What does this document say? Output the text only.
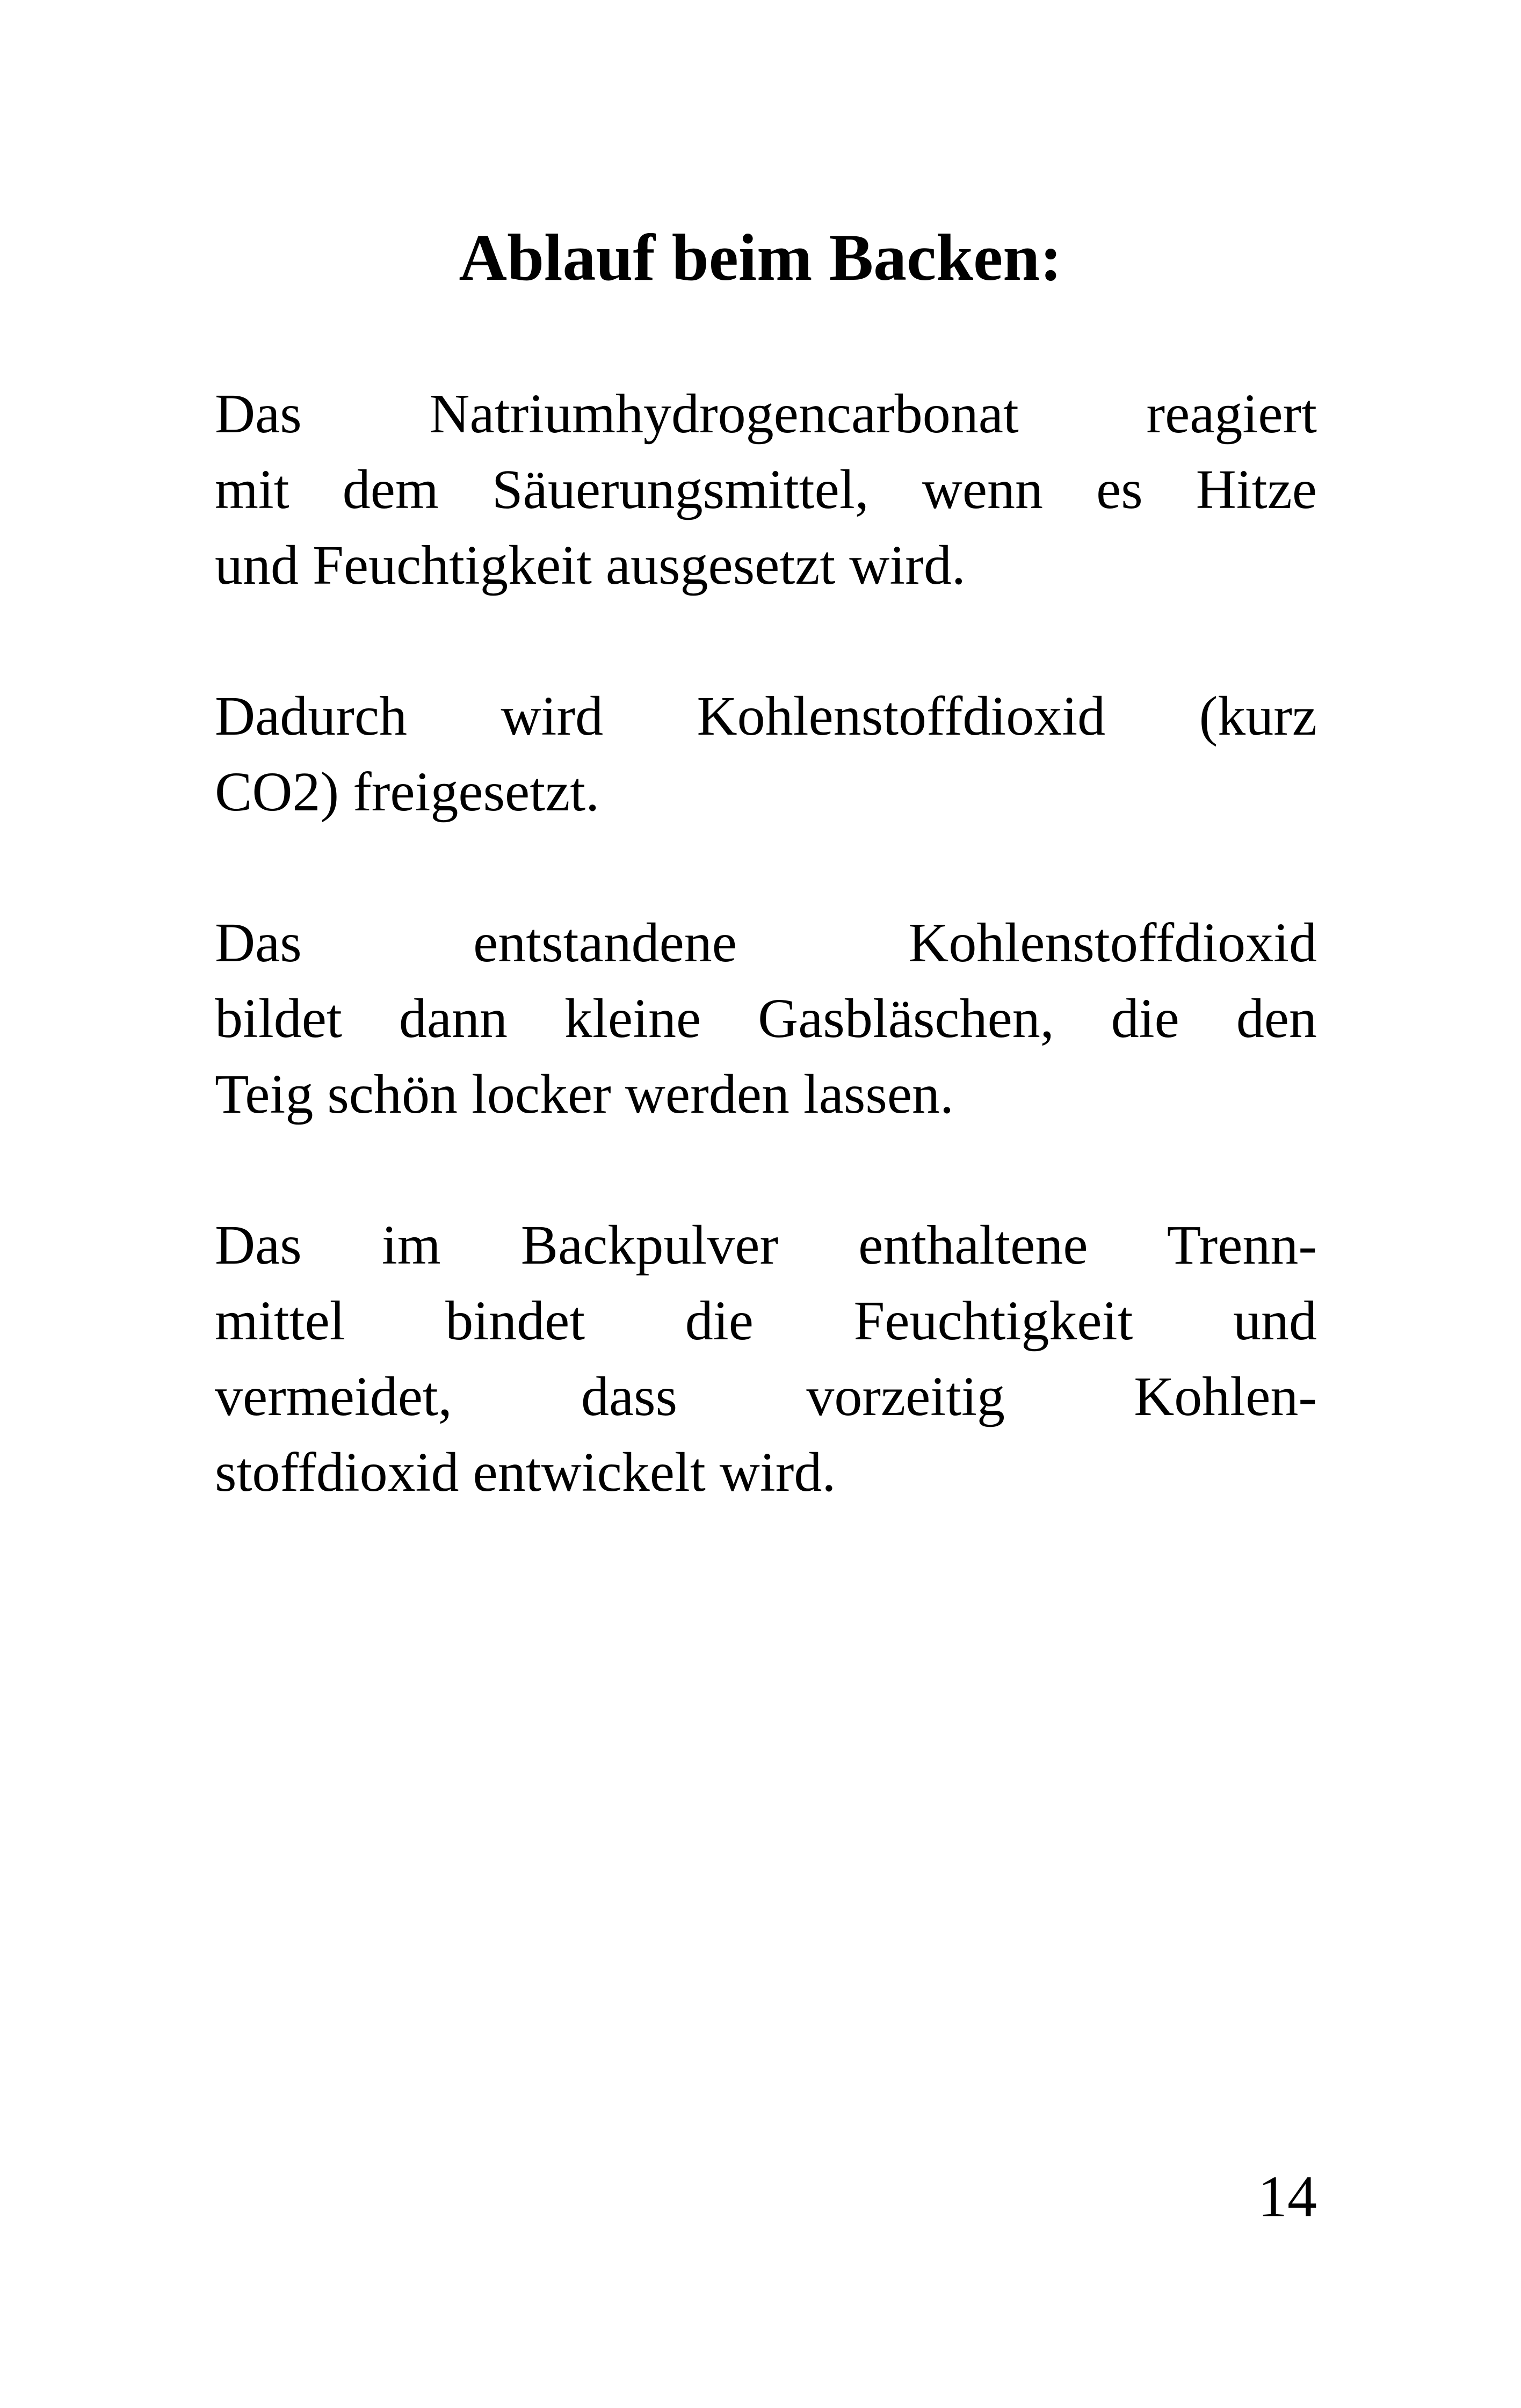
Ablauf beim Backen:

Das Natriumhydrogencarbonat reagiert
mit dem Säuerungsmittel, wenn es Hitze
und Feuchtigkeit ausgesetzt wird.

Dadurch wird Kohlenstoffdioxid (kurz
CO2) freigesetzt.

Das entstandene Kohlenstoffdioxid
bildet dann kleine Gasbläschen, die den
Teig schön locker werden lassen.

Das im Backpulver enthaltene Trenn-
mittel bindet die Feuchtigkeit und
vermeidet, dass vorzeitig Kohlen-
stoffdioxid entwickelt wird.

14
